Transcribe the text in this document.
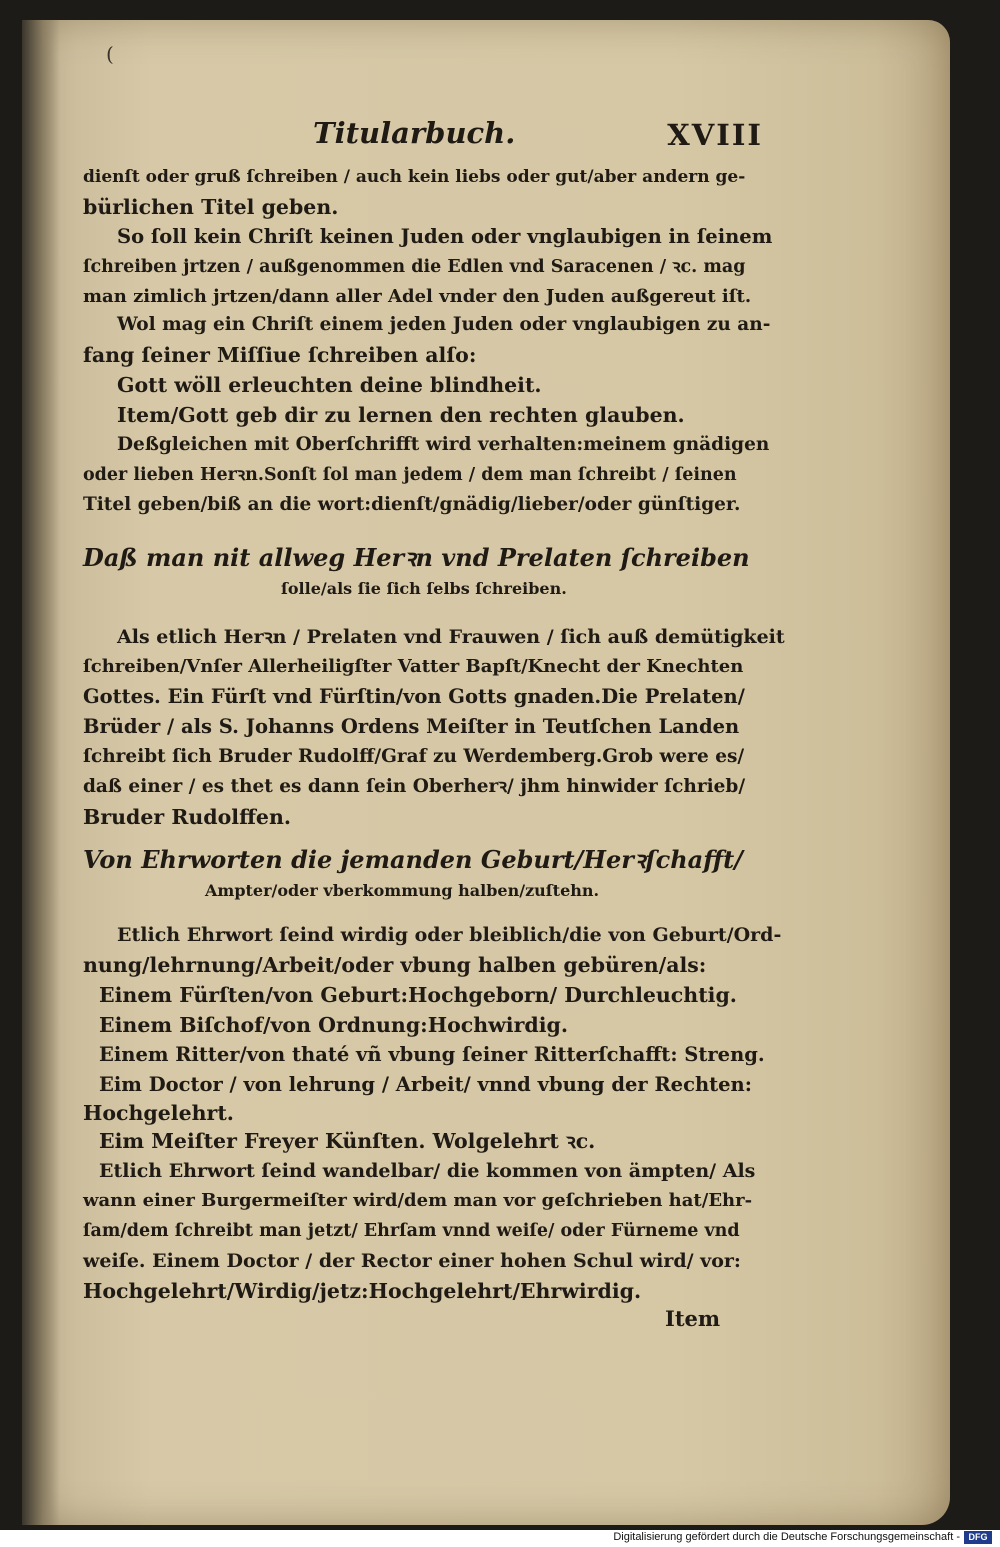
(
Titularbuch.	XVIII
dienſt oder gruß ſchreiben / auch kein liebs oder gut/aber andern ge-
bürlichen Titel geben.
So ſoll kein Chriſt keinen Juden oder vnglaubigen in ſeinem
ſchreiben jrtzen / außgenommen die Edlen vnd Saracenen / ꝛc. mag
man zimlich jrtzen/dann aller Adel vnder den Juden außgereut iſt.
Wol mag ein Chriſt einem jeden Juden oder vnglaubigen zu an-
fang ſeiner Miſſiue ſchreiben alſo:
Gott wöll erleuchten deine blindheit.
Item/Gott geb dir zu lernen den rechten glauben.
Deßgleichen mit Oberſchrifft wird verhalten:meinem gnädigen
oder lieben Herꝛn.Sonſt ſol man jedem / dem man ſchreibt / ſeinen
Titel geben/biß an die wort:dienſt/gnädig/lieber/oder günſtiger.
Daß man nit allweg Herꝛn vnd Prelaten ſchreiben
ſolle/als ſie ſich ſelbs ſchreiben.
Als etlich Herꝛn / Prelaten vnd Frauwen / ſich auß demütigkeit
ſchreiben/Vnſer Allerheiligſter Vatter Bapſt/Knecht der Knechten
Gottes. Ein Fürſt vnd Fürſtin/von Gotts gnaden.Die Prelaten/
Brüder / als S. Johanns Ordens Meiſter in Teutſchen Landen
ſchreibt ſich Bruder Rudolff/Graf zu Werdemberg.Grob were es/
daß einer / es thet es dann ſein Oberherꝛ/ jhm hinwider ſchrieb/
Bruder Rudolffen.
Von Ehrworten die jemanden Geburt/Herꝛſchafft/
Ampter/oder vberkommung halben/zuſtehn.
Etlich Ehrwort ſeind wirdig oder bleiblich/die von Geburt/Ord-
nung/lehrnung/Arbeit/oder vbung halben gebüren/als:
Einem Fürſten/von Geburt:Hochgeborn/ Durchleuchtig.
Einem Biſchof/von Ordnung:Hochwirdig.
Einem Ritter/von thaté vñ vbung ſeiner Ritterſchafft: Streng.
Eim Doctor / von lehrung / Arbeit/ vnnd vbung der Rechten:
Hochgelehrt.
Eim Meiſter Freyer Künſten. Wolgelehrt ꝛc.
Etlich Ehrwort ſeind wandelbar/ die kommen von ämpten/ Als
wann einer Burgermeiſter wird/dem man vor geſchrieben hat/Ehr-
ſam/dem ſchreibt man jetzt/ Ehrſam vnnd weiſe/ oder Fürneme vnd
weiſe. Einem Doctor / der Rector einer hohen Schul wird/ vor:
Hochgelehrt/Wirdig/jetz:Hochgelehrt/Ehrwirdig.
Item
Digitalisierung gefördert durch die Deutsche Forschungsgemeinschaft - DFG
